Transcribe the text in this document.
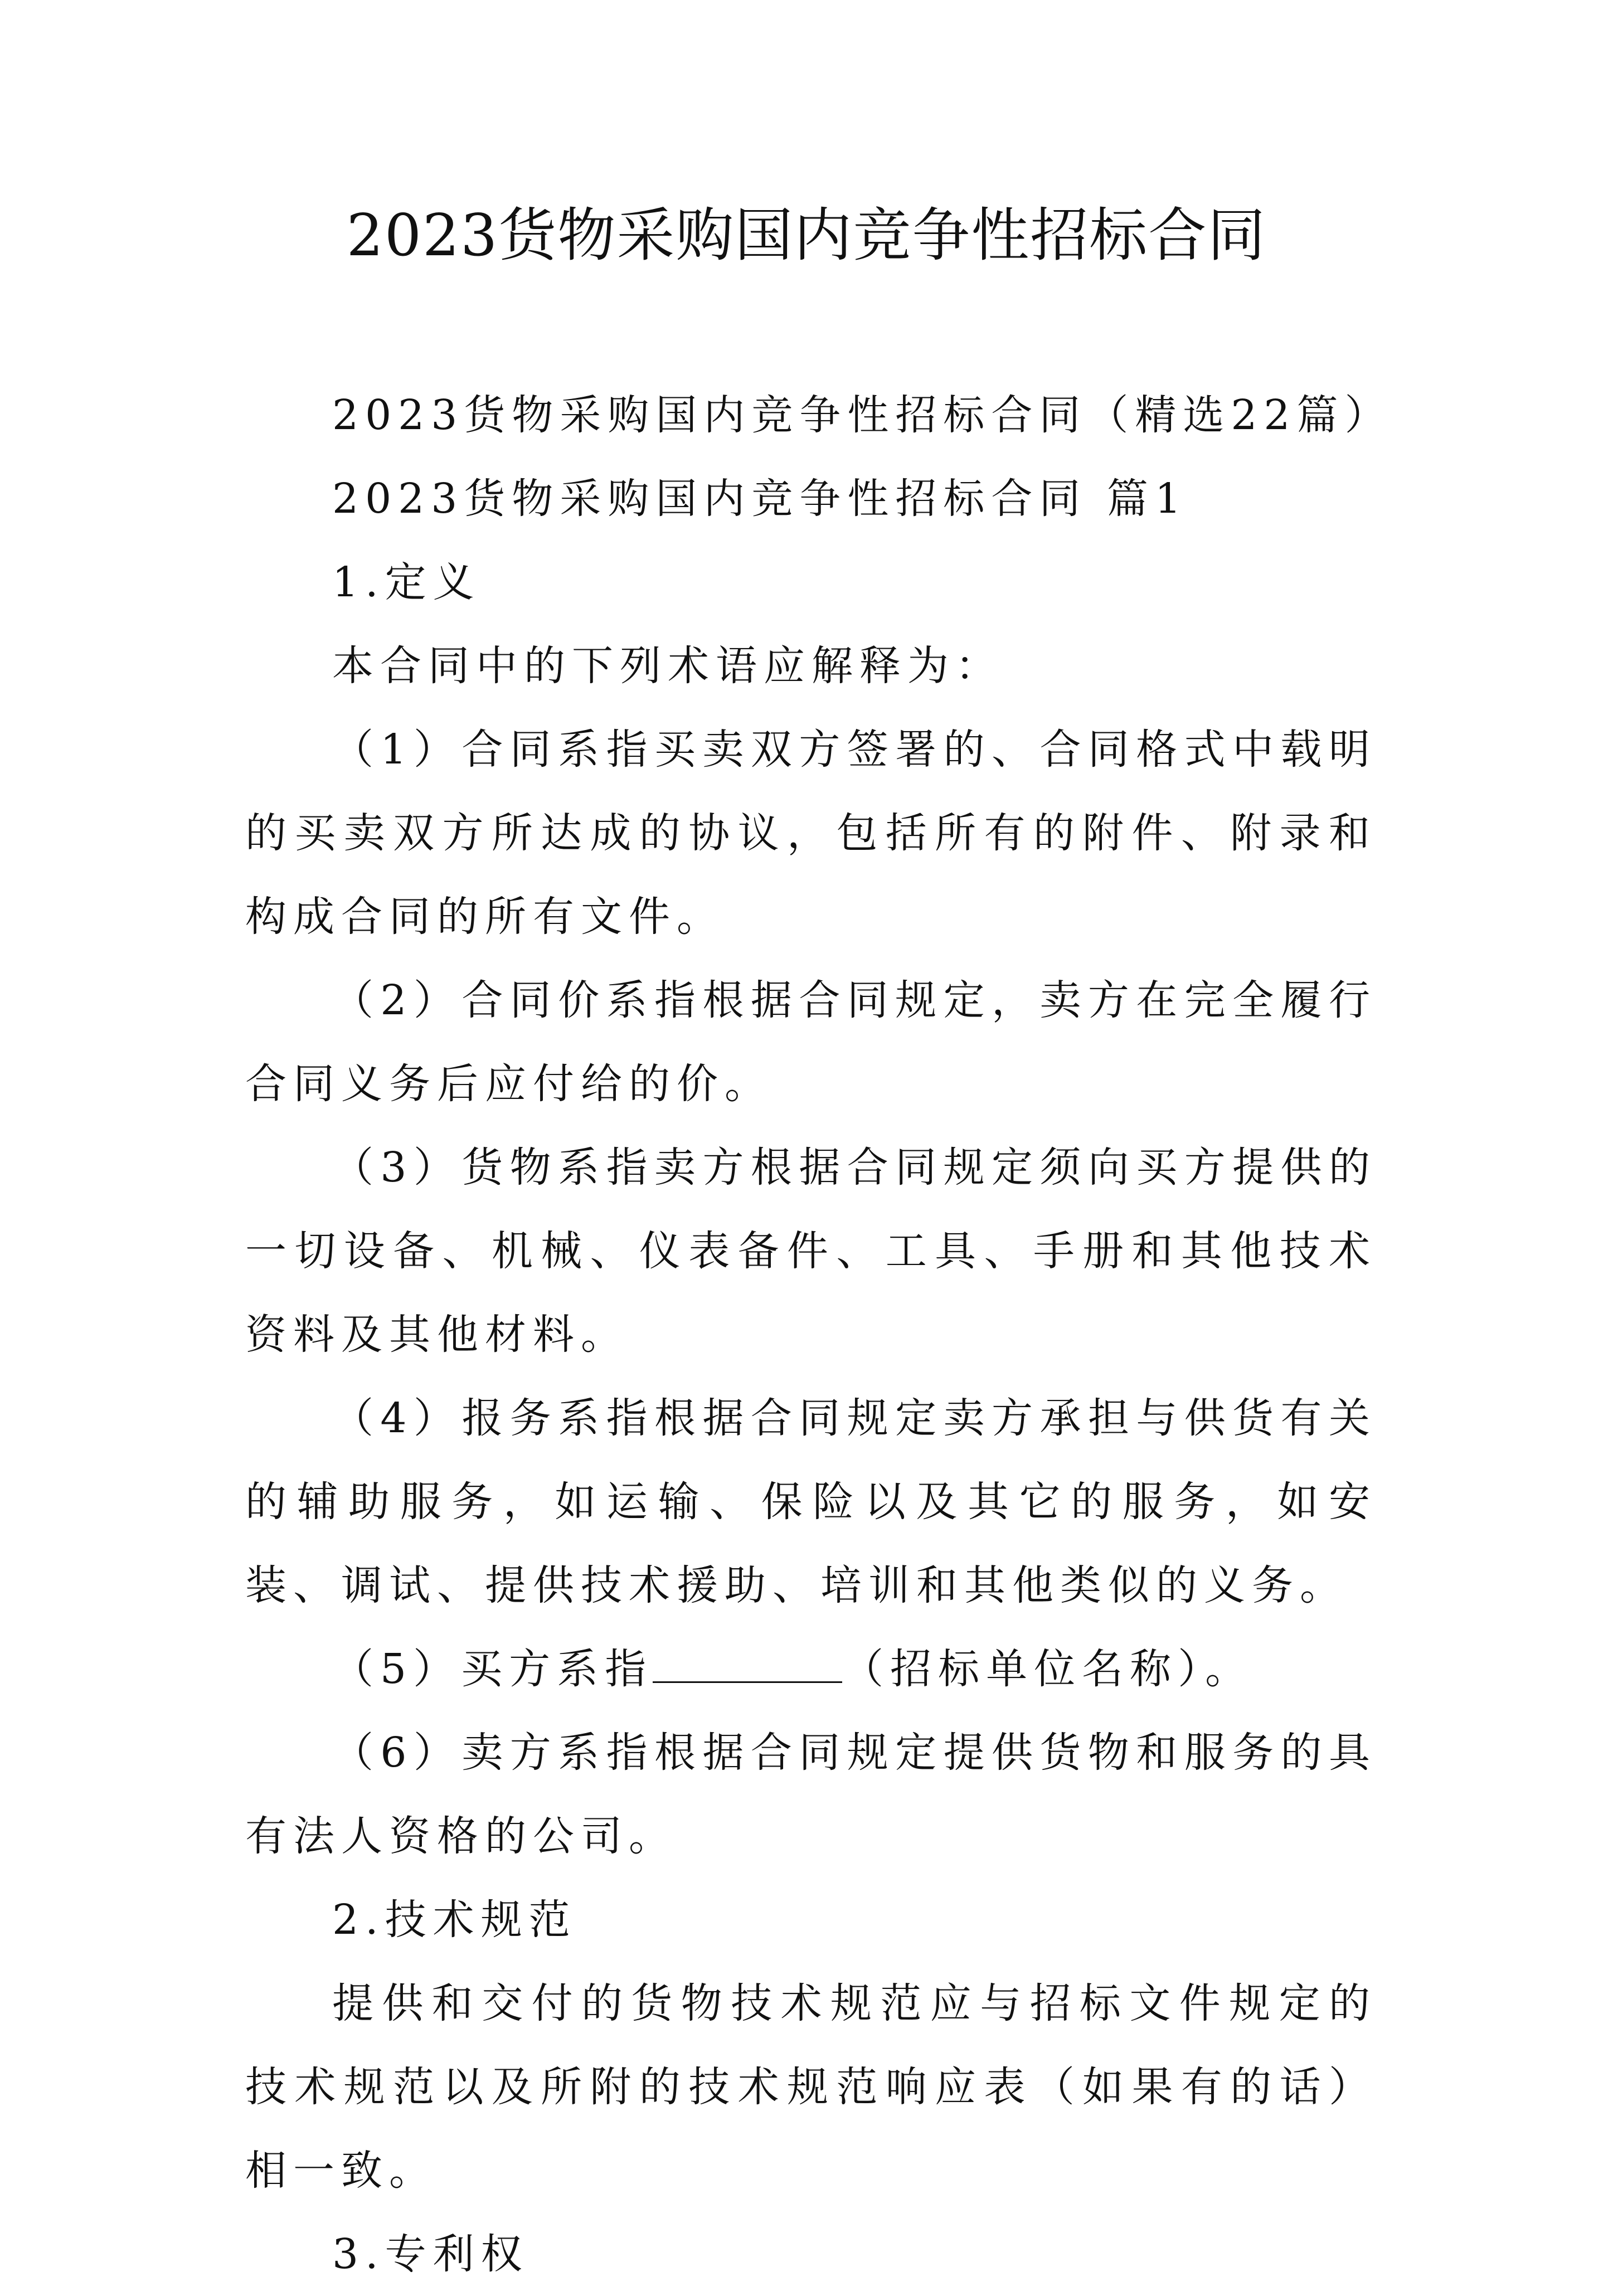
2023货物采购国内竞争性招标合同

2023货物采购国内竞争性招标合同（精选22篇）

2023货物采购国内竞争性招标合同 篇1

1.定义

本合同中的下列术语应解释为：

（1）合同系指买卖双方签署的、合同格式中载明的买卖双方所达成的协议，包括所有的附件、附录和构成合同的所有文件。

（2）合同价系指根据合同规定，卖方在完全履行合同义务后应付给的价。

（3）货物系指卖方根据合同规定须向买方提供的一切设备、机械、仪表备件、工具、手册和其他技术资料及其他材料。

（4）报务系指根据合同规定卖方承担与供货有关的辅助服务，如运输、保险以及其它的服务，如安装、调试、提供技术援助、培训和其他类似的义务。

（5）买方系指	（招标单位名称）。

（6）卖方系指根据合同规定提供货物和服务的具有法人资格的公司。

2.技术规范

提供和交付的货物技术规范应与招标文件规定的技术规范以及所附的技术规范响应表（如果有的话）相一致。

3.专利权
